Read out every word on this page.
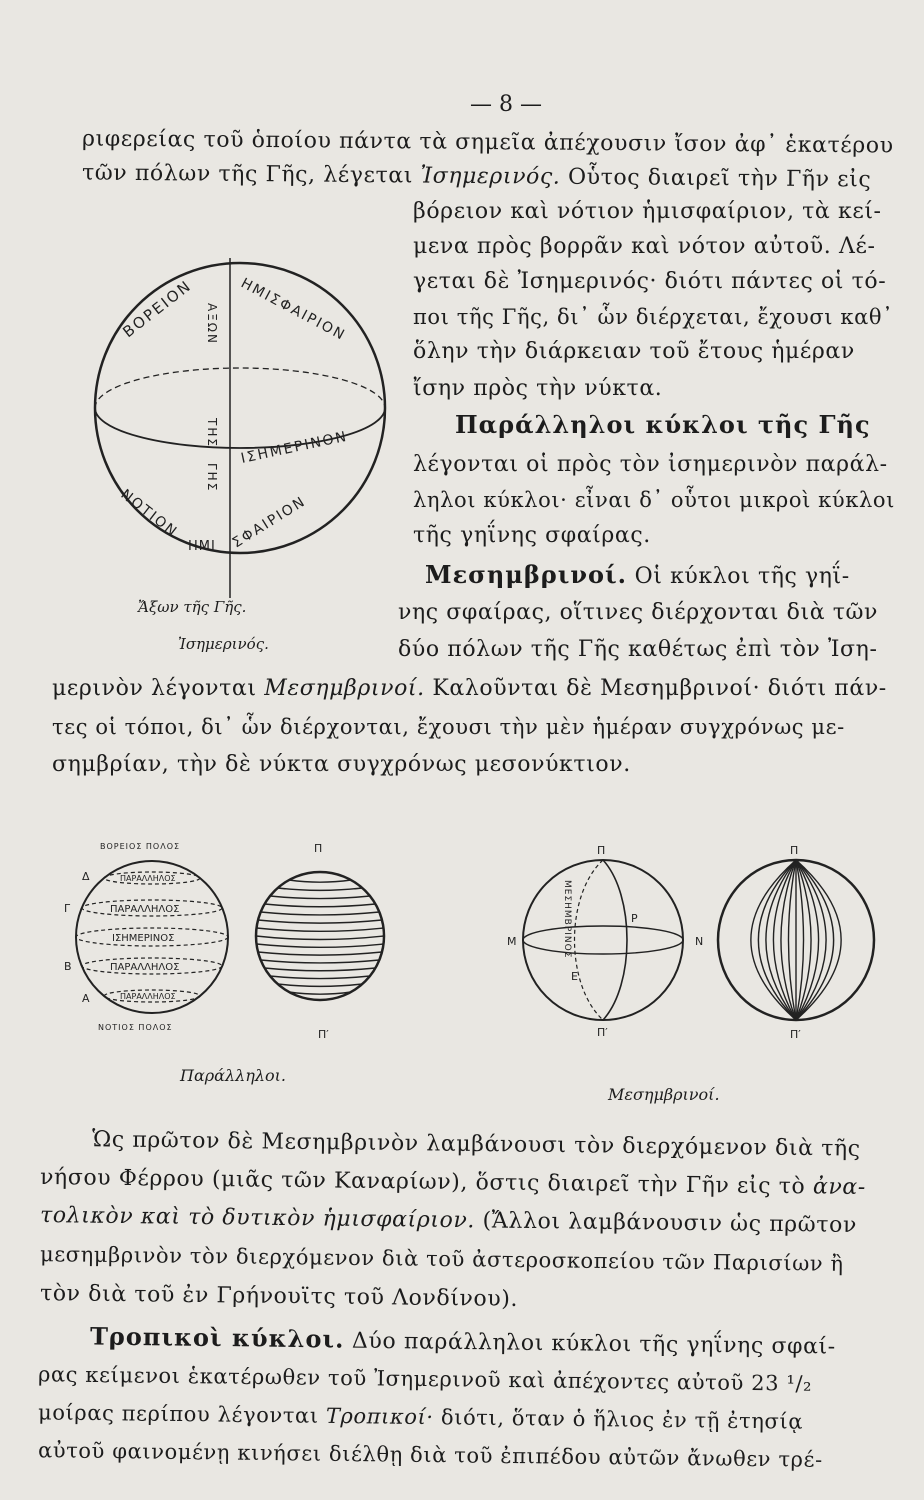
— 8 —
ριφερείας τοῦ ὁποίου πάντα τὰ σημεῖα ἀπέχουσιν ἴσον ἀφ᾽ ἑκατέρου
τῶν πόλων τῆς Γῆς, λέγεται Ἰσημερινός. Οὗτος διαιρεῖ τὴν Γῆν εἰς
βόρειον καὶ νότιον ἡμισφαίριον, τὰ κεί-
μενα πρὸς βορρᾶν καὶ νότον αὐτοῦ. Λέ-
γεται δὲ Ἰσημερινός· διότι πάντες οἱ τό-
ποι τῆς Γῆς, δι᾽ ὧν διέρχεται, ἔχουσι καθ᾽
ὅλην τὴν διάρκειαν τοῦ ἔτους ἡμέραν
ἴσην πρὸς τὴν νύκτα.
Παράλληλοι κύκλοι τῆς Γῆς
λέγονται οἱ πρὸς τὸν ἰσημερινὸν παράλ-
ληλοι κύκλοι· εἶναι δ᾽ οὗτοι μικροὶ κύκλοι
τῆς γηΐνης σφαίρας.
Μεσημβρινοί. Οἱ κύκλοι τῆς γηΐ-
νης σφαίρας, οἵτινες διέρχονται διὰ τῶν
δύο πόλων τῆς Γῆς καθέτως ἐπὶ τὸν Ἰση-
μερινὸν λέγονται Μεσημβρινοί. Καλοῦνται δὲ Μεσημβρινοί· διότι πάν-
τες οἱ τόποι, δι᾽ ὧν διέρχονται, ἔχουσι τὴν μὲν ἡμέραν συγχρόνως με-
σημβρίαν, τὴν δὲ νύκτα συγχρόνως μεσονύκτιον.
ΒΟΡΕΙΟΝ	ΗΜΙΣΦΑΙΡΙΟΝ
ΑΞΩΝ
ΤΗΣ
ΓΗΣ
ΙΣΗΜΕΡΙΝΟΝ
ΝΟΤΙΟΝ
ΗΜΙ ΣΦΑΙΡΙΟΝ
Ἄξων τῆς Γῆς.
Ἰσημερινός.
ΒΟΡΕΙΟΣ ΠΟΛΟΣ
ΠΑΡΑΛΛΗΛΟΣ
ΠΑΡΑΛΛΗΛΟΣ
ΙΣΗΜΕΡΙΝΟΣ
ΠΑΡΑΛΛΗΛΟΣ
ΠΑΡΑΛΛΗΛΟΣ
Δ
Γ
Β
Α
ΝΟΤΙΟΣ ΠΟΛΟΣ
Π
Π′
Παράλληλοι.
Π
ΜΕΣΗΜΒΡΙΝΟΣ
Μ	Ν
Ρ
Ε
Π′
Π
Π′
Μεσημβρινοί.
Ὡς πρῶτον δὲ Μεσημβρινὸν λαμβάνουσι τὸν διερχόμενον διὰ τῆς
νήσου Φέρρου (μιᾶς τῶν Καναρίων), ὅστις διαιρεῖ τὴν Γῆν εἰς τὸ ἀνα-
τολικὸν καὶ τὸ δυτικὸν ἡμισφαίριον. (Ἄλλοι λαμβάνουσιν ὡς πρῶτον
μεσημβρινὸν τὸν διερχόμενον διὰ τοῦ ἀστεροσκοπείου τῶν Παρισίων ἢ
τὸν διὰ τοῦ ἐν Γρήνουϊτς τοῦ Λονδίνου).
Τροπικοὶ κύκλοι. Δύο παράλληλοι κύκλοι τῆς γηΐνης σφαί-
ρας κείμενοι ἑκατέρωθεν τοῦ Ἰσημερινοῦ καὶ ἀπέχοντες αὐτοῦ 23 ¹/₂
μοίρας περίπου λέγονται Τροπικοί· διότι, ὅταν ὁ ἥλιος ἐν τῇ ἐτησίᾳ
αὐτοῦ φαινομένῃ κινήσει διέλθῃ διὰ τοῦ ἐπιπέδου αὐτῶν ἄνωθεν τρέ-
